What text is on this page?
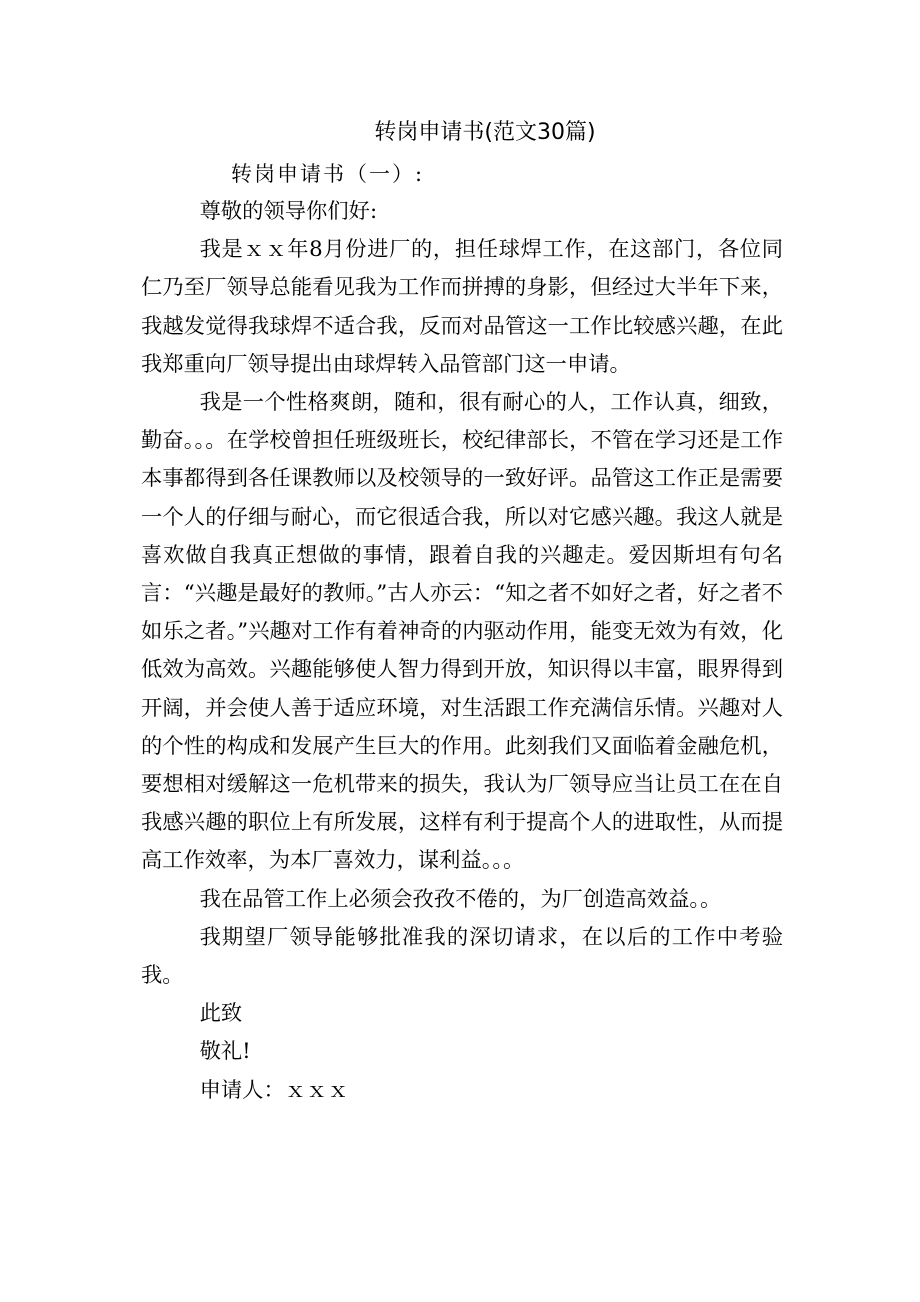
转岗申请书(范文30篇)
转岗申请书（一）:

尊敬的领导你们好:

我是ｘｘ年8月份进厂的，担任球焊工作，在这部门，各位同仁乃至厂领导总能看见我为工作而拼搏的身影，但经过大半年下来，我越发觉得我球焊不适合我，反而对品管这一工作比较感兴趣，在此我郑重向厂领导提出由球焊转入品管部门这一申请。

我是一个性格爽朗，随和，很有耐心的人，工作认真，细致，勤奋。。。在学校曾担任班级班长，校纪律部长，不管在学习还是工作本事都得到各任课教师以及校领导的一致好评。品管这工作正是需要一个人的仔细与耐心，而它很适合我，所以对它感兴趣。我这人就是喜欢做自我真正想做的事情，跟着自我的兴趣走。爱因斯坦有句名言：“兴趣是最好的教师。”古人亦云：“知之者不如好之者，好之者不如乐之者。”兴趣对工作有着神奇的内驱动作用，能变无效为有效，化低效为高效。兴趣能够使人智力得到开放，知识得以丰富，眼界得到开阔，并会使人善于适应环境，对生活跟工作充满信乐情。兴趣对人的个性的构成和发展产生巨大的作用。此刻我们又面临着金融危机，要想相对缓解这一危机带来的损失，我认为厂领导应当让员工在在自我感兴趣的职位上有所发展，这样有利于提高个人的进取性，从而提高工作效率，为本厂喜效力，谋利益。。。

我在品管工作上必须会孜孜不倦的，为厂创造高效益。。

我期望厂领导能够批准我的深切请求，在以后的工作中考验我。

此致

敬礼!

申请人：ｘｘｘ
